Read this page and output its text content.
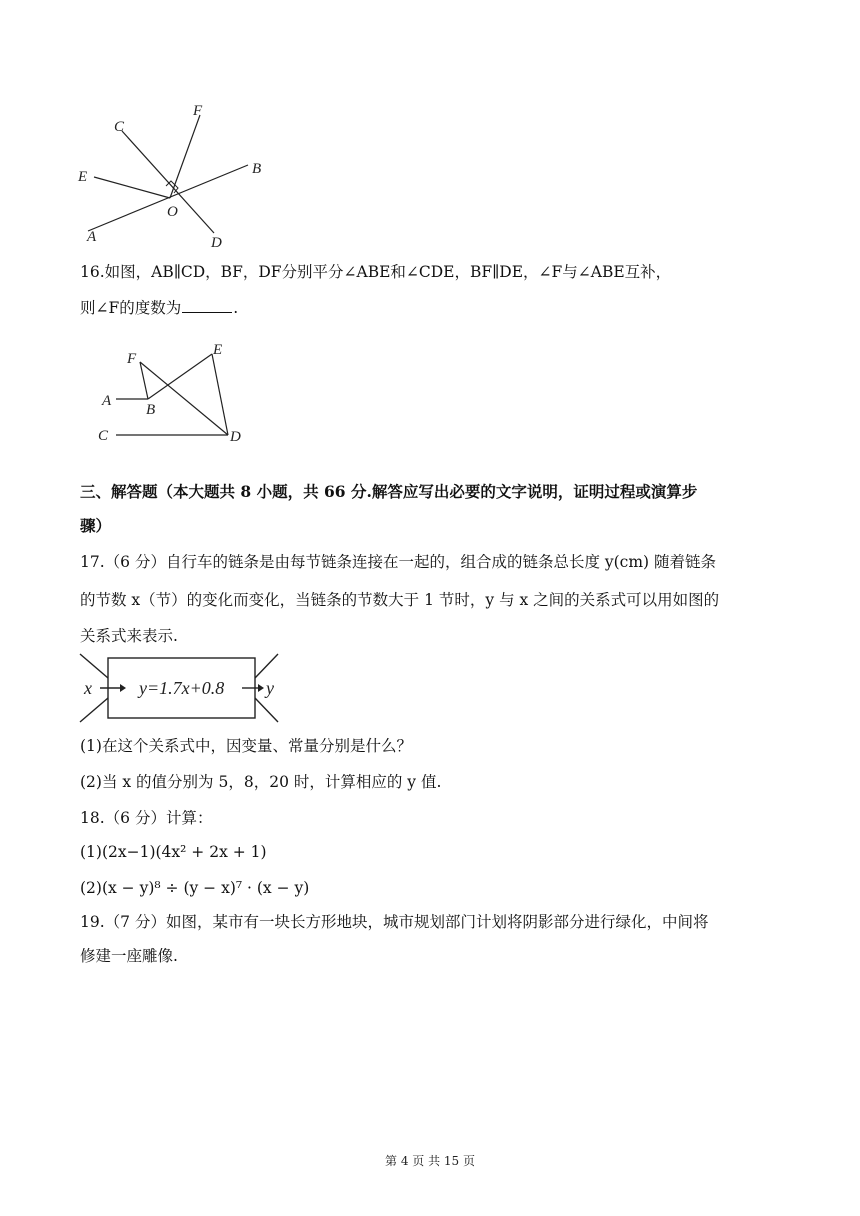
C
F
E	B
O
A	D
16.如图，AB∥CD，BF，DF分别平分∠ABE和∠CDE，BF∥DE，∠F与∠ABE互补，
则∠F的度数为	.
F
E
A
B
C	D
三、解答题（本大题共 8 小题，共 66 分.解答应写出必要的文字说明，证明过程或演算步
骤）
17.（6 分）自行车的链条是由每节链条连接在一起的，组合成的链条总长度 y(cm) 随着链条
的节数 x（节）的变化而变化，当链条的节数大于 1 节时，y 与 x 之间的关系式可以用如图的
关系式来表示.
x	y=1.7x+0.8 y
(1)在这个关系式中，因变量、常量分别是什么？
(2)当 x 的值分别为 5，8，20 时，计算相应的 y 值.
18.（6 分）计算：
(1)(2x−1)(4x² + 2x + 1)
(2)(x − y)⁸ ÷ (y − x)⁷ · (x − y)
19.（7 分）如图，某市有一块长方形地块，城市规划部门计划将阴影部分进行绿化，中间将
修建一座雕像.
第 4 页 共 15 页
